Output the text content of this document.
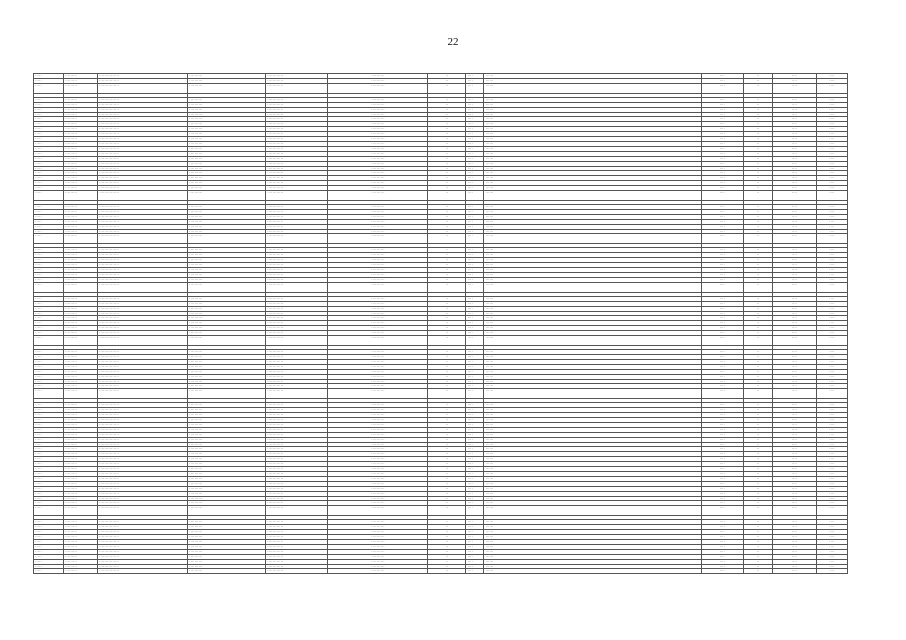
22
·····	·········	···············	··········	············	··········	··	····	······	····	··	····	····
·····	·········	···············	··········	············	··········	··	····	······	····	··	····	····
·····	·········	···············	··········	············	··········	··	····	······	····	··	····	····

·····	·········	···············	··········	············	··········	··	····	······	····	··	····	····
·····	·········	···············	··········	············	··········	··	····	······	····	··	····	····
·····	·········	···············	··········	············	··········	··	····	······	····	··	····	····
·····	·········	···············	··········	············	··········	··	····	······	····	··	····	····
·····	·········	···············	··········	············	··········	··	····	······	····	··	····	····
·····	·········	···············	··········	············	··········	··	····	······	····	··	····	····
·····	·········	···············	··········	············	··········	··	····	······	····	··	····	····
·····	·········	···············	··········	············	··········	··	····	······	····	··	····	····
·····	·········	···············	··········	············	··········	··	····	······	····	··	····	····
·····	·········	···············	··········	············	··········	··	····	······	····	··	····	····
·····	·········	···············	··········	············	··········	··	····	······	····	··	····	····
·····	·········	···············	··········	············	··········	··	····	······	····	··	····	····
·····	·········	···············	··········	············	··········	··	····	······	····	··	····	····
·····	·········	···············	··········	············	··········	··	····	······	····	··	····	····
·····	·········	···············	··········	············	··········	··	····	······	····	··	····	····
·····	·········	···············	··········	············	··········	··	····	······	····	··	····	····
·····	·········	···············	··········	············	··········	··	····	······	····	··	····	····
·····	·········	···············	··········	············	··········	··	····	······	····	··	····	····
·····	·········	···············	··········	············	··········	··	····	······	····	··	····	····
·····	·········	···············	··········	············	··········	··	····	······	····	··	····	····

·····	·········	···············	··········	············	··········	··	····	······	····	··	····	····
·····	·········	···············	··········	············	··········	··	····	······	····	··	····	····
·····	·········	···············	··········	············	··········	··	····	······	····	··	····	····
·····	·········	···············	··········	············	··········	··	····	······	····	··	····	····
·····	·········	···············	··········	············	··········	··	····	······	····	··	····	····
·····	·········	···············	··········	············	··········	··	····	······	····	··	····	····
·····	·········	···············	··········	············	··········	··	····	······	····	··	····	····

·····	·········	···············	··········	············	··········	··	····	······	····	··	····	····
·····	·········	···············	··········	············	··········	··	····	······	····	··	····	····
·····	·········	···············	··········	············	··········	··	····	······	····	··	····	····
·····	·········	···············	··········	············	··········	··	····	······	····	··	····	····
·····	·········	···············	··········	············	··········	··	····	······	····	··	····	····
·····	·········	···············	··········	············	··········	··	····	······	····	··	····	····
·····	·········	···············	··········	············	··········	··	····	······	····	··	····	····
·····	·········	···············	··········	············	··········	··	····	······	····	··	····	····

·····	·········	···············	··········	············	··········	··	····	······	····	··	····	····
·····	·········	···············	··········	············	··········	··	····	······	····	··	····	····
·····	·········	···············	··········	············	··········	··	····	······	····	··	····	····
·····	·········	···············	··········	············	··········	··	····	······	····	··	····	····
·····	·········	···············	··········	············	··········	··	····	······	····	··	····	····
·····	·········	···············	··········	············	··········	··	····	······	····	··	····	····
·····	·········	···············	··········	············	··········	··	····	······	····	··	····	····
·····	·········	···············	··········	············	··········	··	····	······	····	··	····	····
·····	·········	···············	··········	············	··········	··	····	······	····	··	····	····

·····	·········	···············	··········	············	··········	··	····	······	····	··	····	····
·····	·········	···············	··········	············	··········	··	····	······	····	··	····	····
·····	·········	···············	··········	············	··········	··	····	······	····	··	····	····
·····	·········	···············	··········	············	··········	··	····	······	····	··	····	····
·····	·········	···············	··········	············	··········	··	····	······	····	··	····	····
·····	·········	···············	··········	············	··········	··	····	······	····	··	····	····
·····	·········	···············	··········	············	··········	··	····	······	····	··	····	····
·····	·········	···············	··········	············	··········	··	····	······	····	··	····	····
·····	·········	···············	··········	············	··········	··	····	······	····	··	····	····

·····	·········	···············	··········	············	··········	··	····	······	····	··	····	····
·····	·········	···············	··········	············	··········	··	····	······	····	··	····	····
·····	·········	···············	··········	············	··········	··	····	······	····	··	····	····
·····	·········	···············	··········	············	··········	··	····	······	····	··	····	····
·····	·········	···············	··········	············	··········	··	····	······	····	··	····	····
·····	·········	···············	··········	············	··········	··	····	······	····	··	····	····
·····	·········	···············	··········	············	··········	··	····	······	····	··	····	····
·····	·········	···············	··········	············	··········	··	····	······	····	··	····	····
·····	·········	···············	··········	············	··········	··	····	······	····	··	····	····
·····	·········	···············	··········	············	··········	··	····	······	····	··	····	····
·····	·········	···············	··········	············	··········	··	····	······	····	··	····	····
·····	·········	···············	··········	············	··········	··	····	······	····	··	····	····
·····	·········	···············	··········	············	··········	··	····	······	····	··	····	····
·····	·········	···············	··········	············	··········	··	····	······	····	··	····	····
·····	·········	···············	··········	············	··········	··	····	······	····	··	····	····
·····	·········	···············	··········	············	··········	··	····	······	····	··	····	····
·····	·········	···············	··········	············	··········	··	····	······	····	··	····	····
·····	·········	···············	··········	············	··········	··	····	······	····	··	····	····
·····	·········	···············	··········	············	··········	··	····	······	····	··	····	····
·····	·········	···············	··········	············	··········	··	····	······	····	··	····	····
·····	·········	···············	··········	············	··········	··	····	······	····	··	····	····
·····	·········	···············	··········	············	··········	··	····	······	····	··	····	····

·····	·········	···············	··········	············	··········	··	····	······	····	··	····	····
·····	·········	···············	··········	············	··········	··	····	······	····	··	····	····
·····	·········	···············	··········	············	··········	··	····	······	····	··	····	····
·····	·········	···············	··········	············	··········	··	····	······	····	··	····	····
·····	·········	···············	··········	············	··········	··	····	······	····	··	····	····
·····	·········	···············	··········	············	··········	··	····	······	····	··	····	····
·····	·········	···············	··········	············	··········	··	····	······	····	··	····	····
·····	·········	···············	··········	············	··········	··	····	······	····	··	····	····
·····	·········	···············	··········	············	··········	··	····	······	····	··	····	····
·····	·········	···············	··········	············	··········	··	····	······	····	··	····	····
·····	·········	···············	··········	············	··········	··	····	······	····	··	····	····
